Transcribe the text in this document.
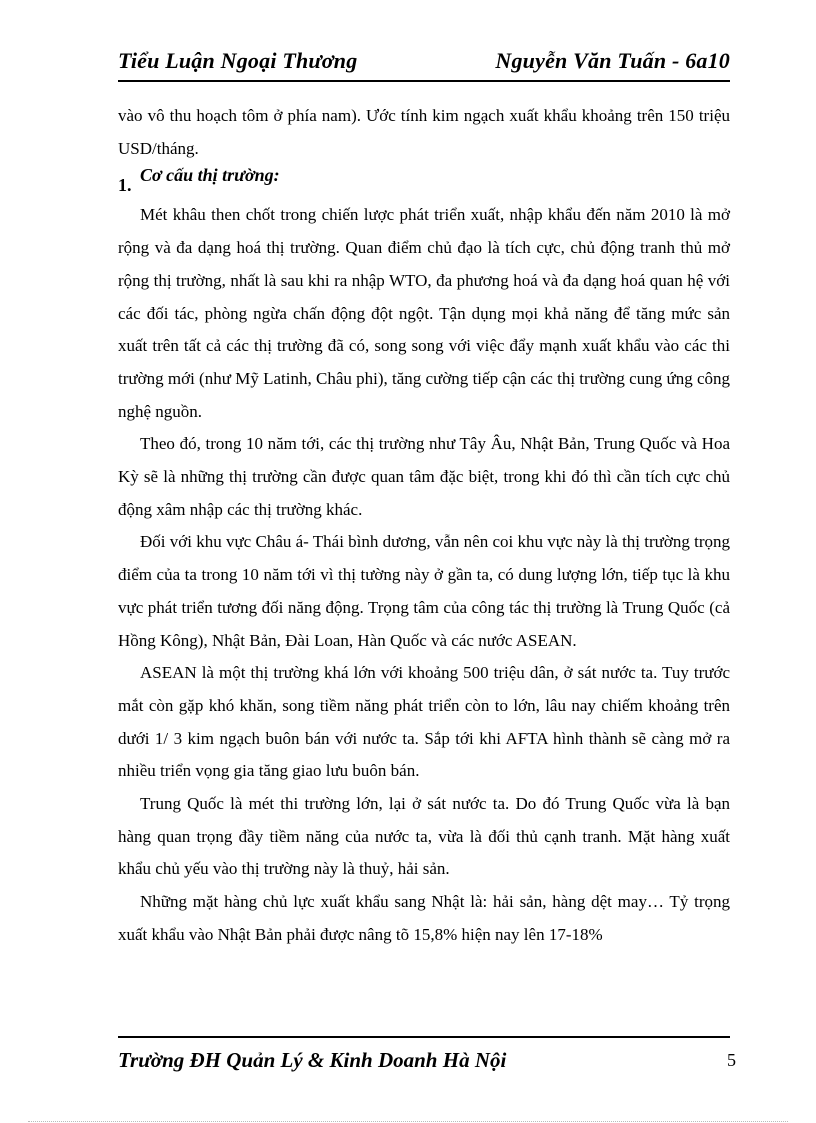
Tiểu Luận Ngoại Thương	Nguyễn Văn Tuấn - 6a10

vào vô thu hoạch tôm ở phía nam). Ước tính kim ngạch xuất khẩu khoảng trên 150 triệu USD/tháng.

1. Cơ cấu thị trường:

Mét khâu then chốt trong chiến lược phát triển xuất, nhập khẩu đến năm 2010 là mở rộng và đa dạng hoá thị trường. Quan điểm chủ đạo là tích cực, chủ động tranh thủ mở rộng thị trường, nhất là sau khi ra nhập WTO, đa phương hoá và đa dạng hoá quan hệ với các đối tác, phòng ngừa chấn động đột ngột. Tận dụng mọi khả năng để tăng mức sản xuất trên tất cả các thị trường đã có, song song với việc đẩy mạnh xuất khẩu vào các thi trường mới (như Mỹ Latinh, Châu phi), tăng cường tiếp cận các thị trường cung ứng công nghệ nguồn.

Theo đó, trong 10 năm tới, các thị trường như Tây Âu, Nhật Bản, Trung Quốc và Hoa Kỳ sẽ là những thị trường cần được quan tâm đặc biệt, trong khi đó thì cần tích cực chủ động xâm nhập các thị trường khác.

Đối với khu vực Châu á- Thái bình dương, vẫn nên coi khu vực này là thị trường trọng điểm của ta trong 10 năm tới vì thị tường này ở gần ta, có dung lượng lớn, tiếp tục là khu vực phát triển tương đối năng động. Trọng tâm của công tác thị trường là Trung Quốc (cả Hồng Kông), Nhật Bản, Đài Loan, Hàn Quốc và các nước ASEAN.

ASEAN là một thị trường khá lớn với khoảng 500 triệu dân, ở sát nước ta. Tuy trước mắt còn gặp khó khăn, song tiềm năng phát triển còn to lớn, lâu nay chiếm khoảng trên dưới 1/ 3 kim ngạch buôn bán với nước ta. Sắp tới khi AFTA hình thành sẽ càng mở ra nhiều triển vọng gia tăng giao lưu buôn bán.

Trung Quốc là mét thi trường lớn, lại ở sát nước ta. Do đó Trung Quốc vừa là bạn hàng quan trọng đầy tiềm năng của nước ta, vừa là đối thủ cạnh tranh. Mặt hàng xuất khẩu chủ yếu vào thị trường này là thuỷ, hải sản.

Những mặt hàng chủ lực xuất khẩu sang Nhật là: hải sản, hàng dệt may… Tỷ trọng xuất khẩu vào Nhật Bản phải được nâng tõ 15,8% hiện nay lên 17-18%

Trường ĐH Quản Lý & Kinh Doanh Hà Nội	5
